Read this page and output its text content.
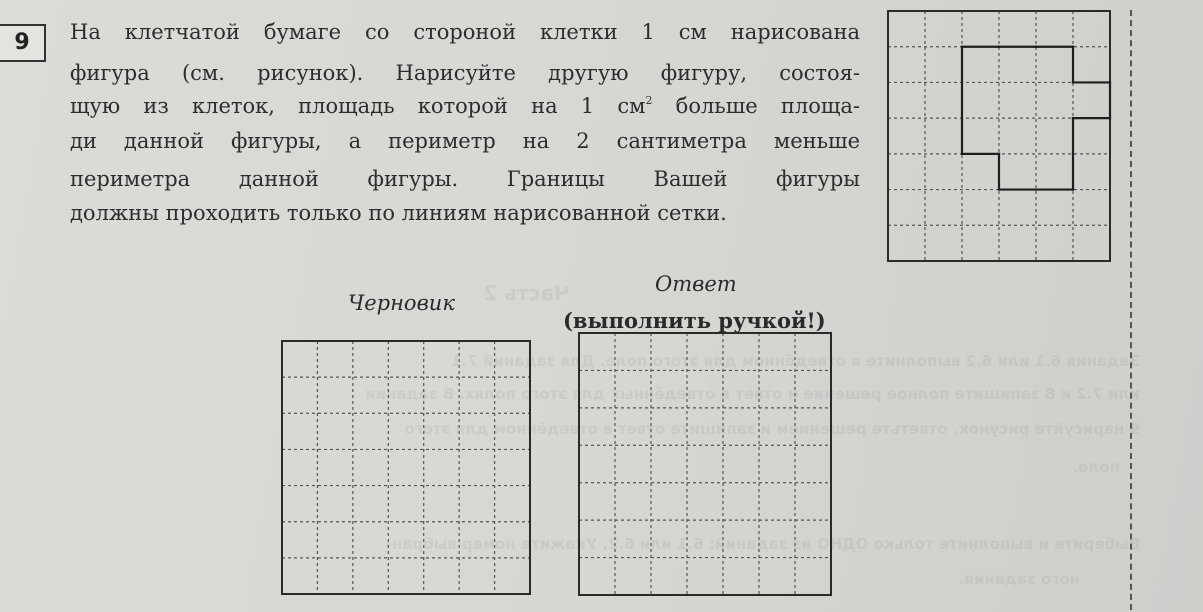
Часть 2
Задания 6.1 или 6.2 выполните в отведённом для этого поле. Для заданий 7.1
или 7.2 и 8 запишите полное решение и ответ в отведённых для этого полях. В задании
9 нарисуйте рисунок, ответьте решением и запишите ответ в отведённом для этого
поле.
Выберите и выполните только ОДНО из заданий: 6.1 или 6.2. Укажите номер выбран-
ного задания.
9	На клетчатой бумаге со стороной клетки 1 см нарисована
фигура (см. рисунок). Нарисуйте другую фигуру, состоя-
щую из клеток, площадь которой на 1 $см^2$ больше площа-
ди данной фигуры, а периметр на 2 сантиметра меньше
периметра данной фигуры. Границы Вашей фигуры
должны проходить только по линиям нарисованной сетки.
Черновик
Ответ
(выполнить ручкой!)
